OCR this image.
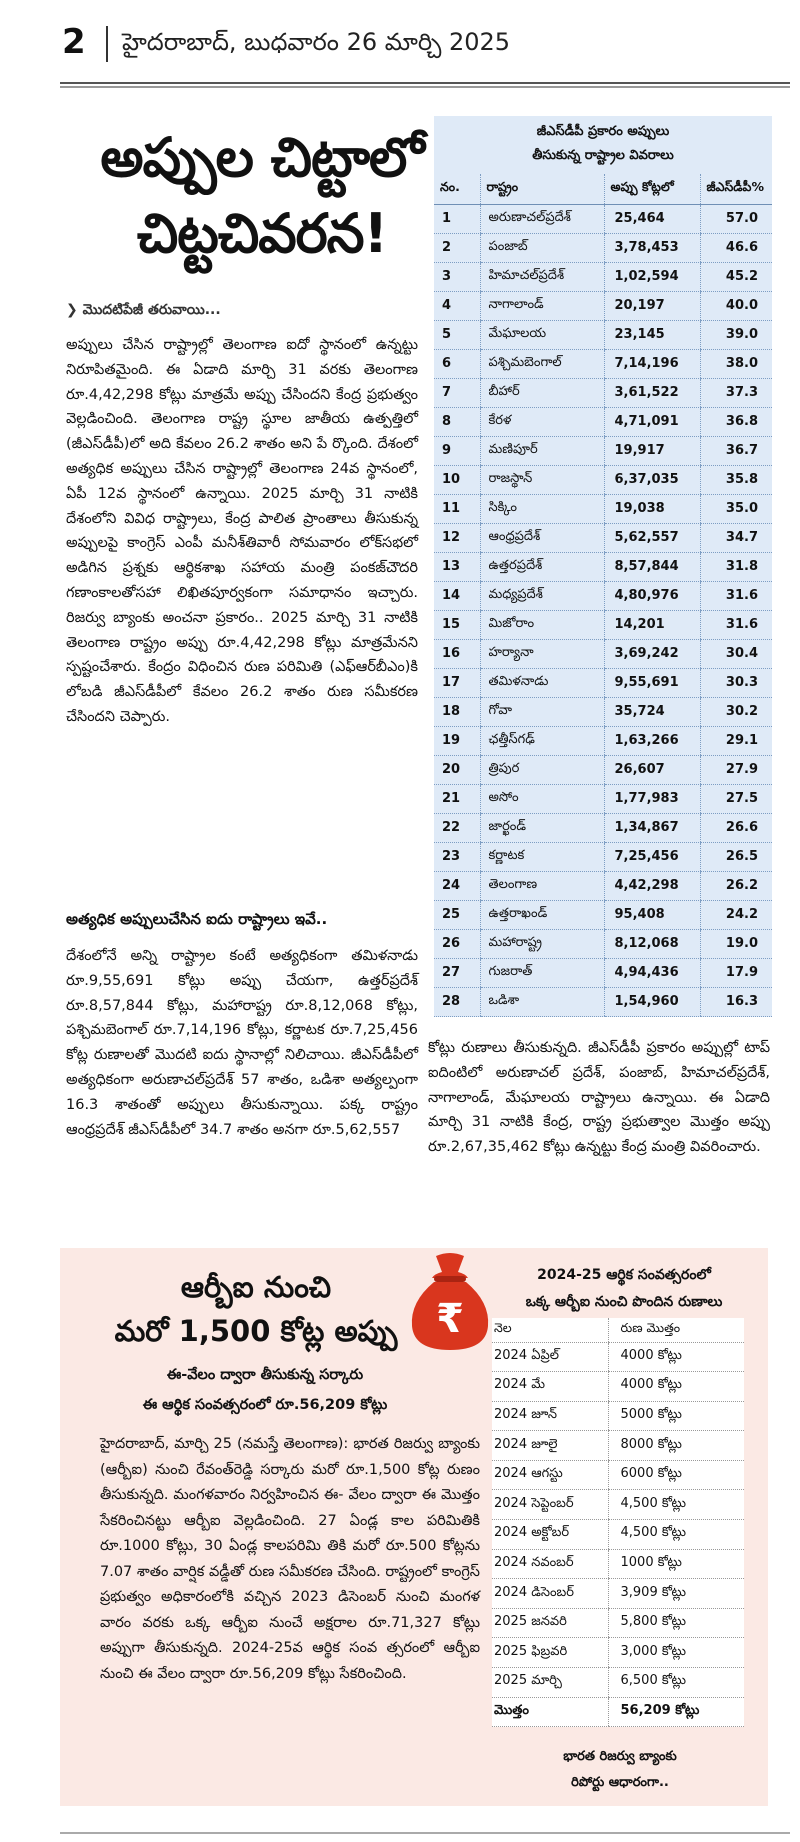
2 హైదరాబాద్, బుధవారం 26 మార్చి 2025
అప్పుల చిట్టాలో
చిట్టచివరన!
❯ మొదటిపేజీ తరువాయి...
అప్పులు చేసిన రాష్ట్రాల్లో తెలంగాణ ఐదో స్థానంలో ఉన్నట్టు నిరూపితమైంది. ఈ ఏడాది మార్చి 31 వరకు తెలంగాణ రూ.4,42,298 కోట్లు మాత్రమే అప్పు చేసిందని కేంద్ర ప్రభుత్వం వెల్లడించింది. తెలంగాణ రాష్ట్ర స్థూల జాతీయ ఉత్పత్తిలో (జీఎస్‌డీపీ)లో అది కేవలం 26.2 శాతం అని పే ర్కొంది. దేశంలో అత్యధిక అప్పులు చేసిన రాష్ట్రాల్లో తెలంగాణ 24వ స్థానంలో, ఏపీ 12వ స్థానంలో ఉన్నాయి. 2025 మార్చి 31 నాటికి దేశంలోని వివిధ రాష్ట్రాలు, కేంద్ర పాలిత ప్రాంతాలు తీసుకున్న అప్పులపై కాంగ్రెస్ ఎంపీ మనీశ్‌తివారీ సోమవారం లోక్‌సభలో అడిగిన ప్రశ్నకు ఆర్థికశాఖ సహాయ మంత్రి పంకజ్‌చౌదరి గణాంకాలతోసహా లిఖితపూర్వకంగా సమాధానం ఇచ్చారు. రిజర్వు బ్యాంకు అంచనా ప్రకారం.. 2025 మార్చి 31 నాటికి తెలంగాణ రాష్ట్రం అప్పు రూ.4,42,298 కోట్లు మాత్రమేనని స్పష్టంచేశారు. కేంద్రం విధించిన రుణ పరిమితి (ఎఫ్‌ఆర్‌బీఎం)కి లోబడి జీఎస్‌డీపీలో కేవలం 26.2 శాతం రుణ సమీకరణ చేసిందని చెప్పారు.
అత్యధిక అప్పులుచేసిన ఐదు రాష్ట్రాలు ఇవే..
దేశంలోనే అన్ని రాష్ట్రాల కంటే అత్యధికంగా తమిళనాడు రూ.9,55,691 కోట్లు అప్పు చేయగా, ఉత్తర్‌ప్రదేశ్ రూ.8,57,844 కోట్లు, మహారాష్ట్ర రూ.8,12,068 కోట్లు, పశ్చిమబెంగాల్ రూ.7,14,196 కోట్లు, కర్ణాటక రూ.7,25,456 కోట్ల రుణాలతో మొదటి ఐదు స్థానాల్లో నిలిచాయి. జీఎస్‌డీపీలో అత్యధికంగా అరుణాచల్‌ప్రదేశ్ 57 శాతం, ఒడిశా అత్యల్పంగా 16.3 శాతంతో అప్పులు తీసుకున్నాయి. పక్క రాష్ట్రం ఆంధ్రప్రదేశ్ జీఎస్‌డీపీలో 34.7 శాతం అనగా రూ.5,62,557
కోట్లు రుణాలు తీసుకున్నది. జీఎస్‌డీపీ ప్రకారం అప్పుల్లో టాప్ ఐదింటిలో అరుణాచల్ ప్రదేశ్, పంజాబ్, హిమాచల్‌ప్రదేశ్, నాగాలాండ్, మేఘాలయ రాష్ట్రాలు ఉన్నాయి. ఈ ఏడాది మార్చి 31 నాటికి కేంద్ర, రాష్ట్ర ప్రభుత్వాల మొత్తం అప్పు రూ.2,67,35,462 కోట్లు ఉన్నట్టు కేంద్ర మంత్రి వివరించారు.
జీఎస్‌డీపీ ప్రకారం అప్పులు
తీసుకున్న రాష్ట్రాల వివరాలు
నం.	రాష్ట్రం	అప్పు కోట్లలో	జీఎస్‌డీపీ%
1	అరుణాచల్‌ప్రదేశ్	25,464	57.0
2	పంజాబ్	3,78,453	46.6
3	హిమాచల్‌ప్రదేశ్	1,02,594	45.2
4	నాగాలాండ్	20,197	40.0
5	మేఘాలయ	23,145	39.0
6	పశ్చిమబెంగాల్	7,14,196	38.0
7	బీహార్	3,61,522	37.3
8	కేరళ	4,71,091	36.8
9	మణిపూర్	19,917	36.7
10	రాజస్థాన్	6,37,035	35.8
11	సిక్కిం	19,038	35.0
12	ఆంధ్రప్రదేశ్	5,62,557	34.7
13	ఉత్తరప్రదేశ్	8,57,844	31.8
14	మధ్యప్రదేశ్	4,80,976	31.6
15	మిజోరాం	14,201	31.6
16	హర్యానా	3,69,242	30.4
17	తమిళనాడు	9,55,691	30.3
18	గోవా	35,724	30.2
19	ఛత్తీస్‌గఢ్	1,63,266	29.1
20	త్రిపుర	26,607	27.9
21	అసోం	1,77,983	27.5
22	జార్ఖండ్	1,34,867	26.6
23	కర్ణాటక	7,25,456	26.5
24	తెలంగాణ	4,42,298	26.2
25	ఉత్తరాఖండ్	95,408	24.2
26	మహారాష్ట్ర	8,12,068	19.0
27	గుజరాత్	4,94,436	17.9
28	ఒడిశా	1,54,960	16.3
ఆర్బీఐ నుంచి
మరో 1,500 కోట్ల అప్పు ₹
ఈ-వేలం ద్వారా తీసుకున్న సర్కారు
ఈ ఆర్థిక సంవత్సరంలో రూ.56,209 కోట్లు
హైదరాబాద్, మార్చి 25 (నమస్తే తెలంగాణ): భారత రిజర్వు బ్యాంకు (ఆర్బీఐ) నుంచి రేవంత్‌రెడ్డి సర్కారు మరో రూ.1,500 కోట్ల రుణం తీసుకున్నది. మంగళవారం నిర్వహించిన ఈ- వేలం ద్వారా ఈ మొత్తం సేకరించినట్టు ఆర్బీఐ వెల్లడించింది. 27 ఏండ్ల కాల పరిమితికి రూ.1000 కోట్లు, 30 ఏండ్ల కాలపరిమి తికి మరో రూ.500 కోట్లను 7.07 శాతం వార్షిక వడ్డీతో రుణ సమీకరణ చేసింది. రాష్ట్రంలో కాంగ్రెస్ ప్రభుత్వం అధికారంలోకి వచ్చిన 2023 డిసెంబర్ నుంచి మంగళ వారం వరకు ఒక్క ఆర్బీఐ నుంచే అక్షరాల రూ.71,327 కోట్లు అప్పుగా తీసుకున్నది. 2024-25వ ఆర్థిక సంవ త్సరంలో ఆర్బీఐ నుంచి ఈ వేలం ద్వారా రూ.56,209 కోట్లు సేకరించింది.
2024-25 ఆర్థిక సంవత్సరంలో
ఒక్క ఆర్బీఐ నుంచి పొందిన రుణాలు
నెల	రుణ మొత్తం
2024 ఏప్రిల్	4000 కోట్లు
2024 మే	4000 కోట్లు
2024 జూన్	5000 కోట్లు
2024 జూలై	8000 కోట్లు
2024 ఆగస్టు	6000 కోట్లు
2024 సెప్టెంబర్	4,500 కోట్లు
2024 అక్టోబర్	4,500 కోట్లు
2024 నవంబర్	1000 కోట్లు
2024 డిసెంబర్	3,909 కోట్లు
2025 జనవరి	5,800 కోట్లు
2025 ఫిబ్రవరి	3,000 కోట్లు
2025 మార్చి	6,500 కోట్లు
మొత్తం	56,209 కోట్లు
భారత రిజర్వు బ్యాంకు
రిపోర్టు ఆధారంగా..
